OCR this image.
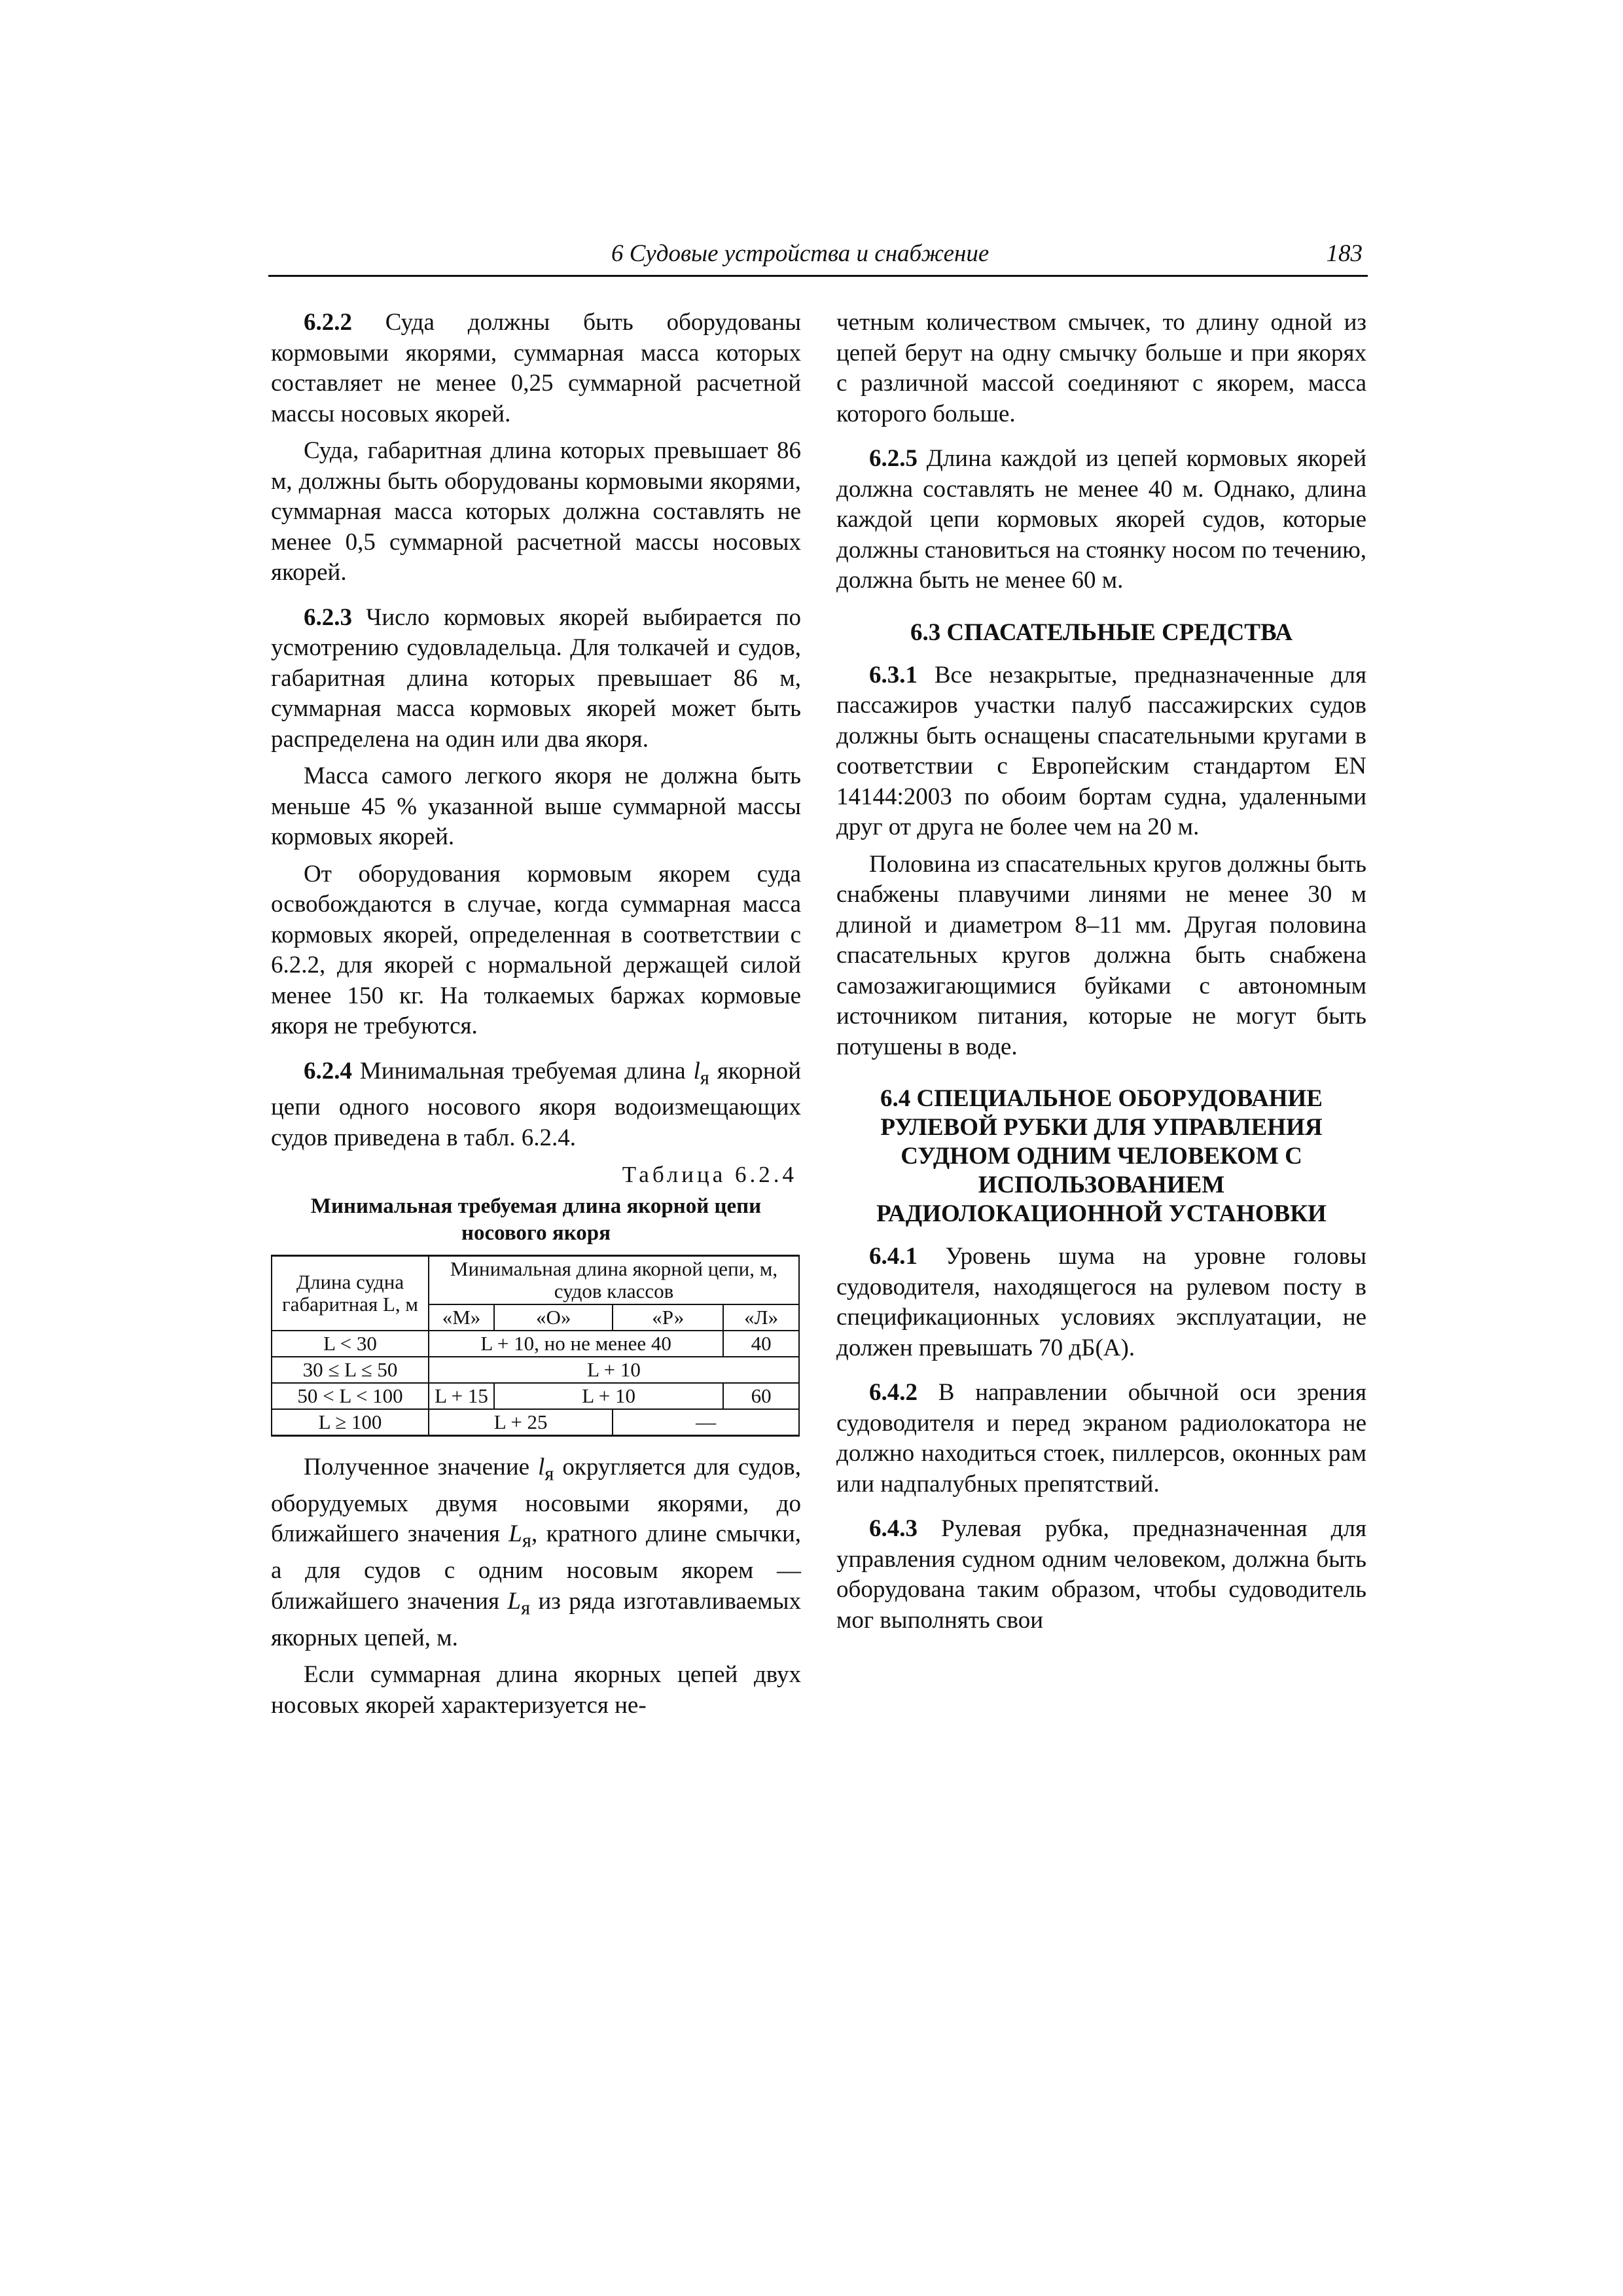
6 Судовые устройства и снабжение	183

6.2.2 Суда должны быть оборудованы кормовыми якорями, суммарная масса которых составляет не менее 0,25 суммарной расчетной массы носовых якорей.

Суда, габаритная длина которых превышает 86 м, должны быть оборудованы кормовыми якорями, суммарная масса которых должна составлять не менее 0,5 суммарной расчетной массы носовых якорей.

6.2.3 Число кормовых якорей выбирается по усмотрению судовладельца. Для толкачей и судов, габаритная длина которых превышает 86 м, суммарная масса кормовых якорей может быть распределена на один или два якоря.

Масса самого легкого якоря не должна быть меньше 45 % указанной выше суммарной массы кормовых якорей.

От оборудования кормовым якорем суда освобождаются в случае, когда суммарная масса кормовых якорей, определенная в соответствии с 6.2.2, для якорей с нормальной держащей силой менее 150 кг. На толкаемых баржах кормовые якоря не требуются.

6.2.4 Минимальная требуемая длина $l_я$ якорной цепи одного носового якоря водоизмещающих судов приведена в табл. 6.2.4.

Таблица 6.2.4
Минимальная требуемая длина якорной цепи носового якоря
Длина судна габаритная L, м	Минимальная длина якорной цепи, м, судов классов			
	«М»	«О»	«Р»	«Л»
L < 30	L + 10, но не менее 40			40
30 ≤ L ≤ 50	L + 10			
50 < L < 100	L + 15	L + 10		60
L ≥ 100	L + 25		—	

Полученное значение $l_я$ округляется для судов, оборудуемых двумя носовыми якорями, до ближайшего значения $L_я$, кратного длине смычки, а для судов с одним носовым якорем — ближайшего значения $L_я$ из ряда изготавливаемых якорных цепей, м.

Если суммарная длина якорных цепей двух носовых якорей характеризуется не-

четным количеством смычек, то длину одной из цепей берут на одну смычку больше и при якорях с различной массой соединяют с якорем, масса которого больше.

6.2.5 Длина каждой из цепей кормовых якорей должна составлять не менее 40 м. Однако, длина каждой цепи кормовых якорей судов, которые должны становиться на стоянку носом по течению, должна быть не менее 60 м.

6.3 СПАСАТЕЛЬНЫЕ СРЕДСТВА

6.3.1 Все незакрытые, предназначенные для пассажиров участки палуб пассажирских судов должны быть оснащены спасательными кругами в соответствии с Европейским стандартом EN 14144:2003 по обоим бортам судна, удаленными друг от друга не более чем на 20 м.

Половина из спасательных кругов должны быть снабжены плавучими линями не менее 30 м длиной и диаметром 8–11 мм. Другая половина спасательных кругов должна быть снабжена самозажигающимися буйками с автономным источником питания, которые не могут быть потушены в воде.

6.4 СПЕЦИАЛЬНОЕ ОБОРУДОВАНИЕ РУЛЕВОЙ РУБКИ ДЛЯ УПРАВЛЕНИЯ СУДНОМ ОДНИМ ЧЕЛОВЕКОМ С ИСПОЛЬЗОВАНИЕМ РАДИОЛОКАЦИОННОЙ УСТАНОВКИ

6.4.1 Уровень шума на уровне головы судоводителя, находящегося на рулевом посту в спецификационных условиях эксплуатации, не должен превышать 70 дБ(А).

6.4.2 В направлении обычной оси зрения судоводителя и перед экраном радиолокатора не должно находиться стоек, пиллерсов, оконных рам или надпалубных препятствий.

6.4.3 Рулевая рубка, предназначенная для управления судном одним человеком, должна быть оборудована таким образом, чтобы судоводитель мог выполнять свои
